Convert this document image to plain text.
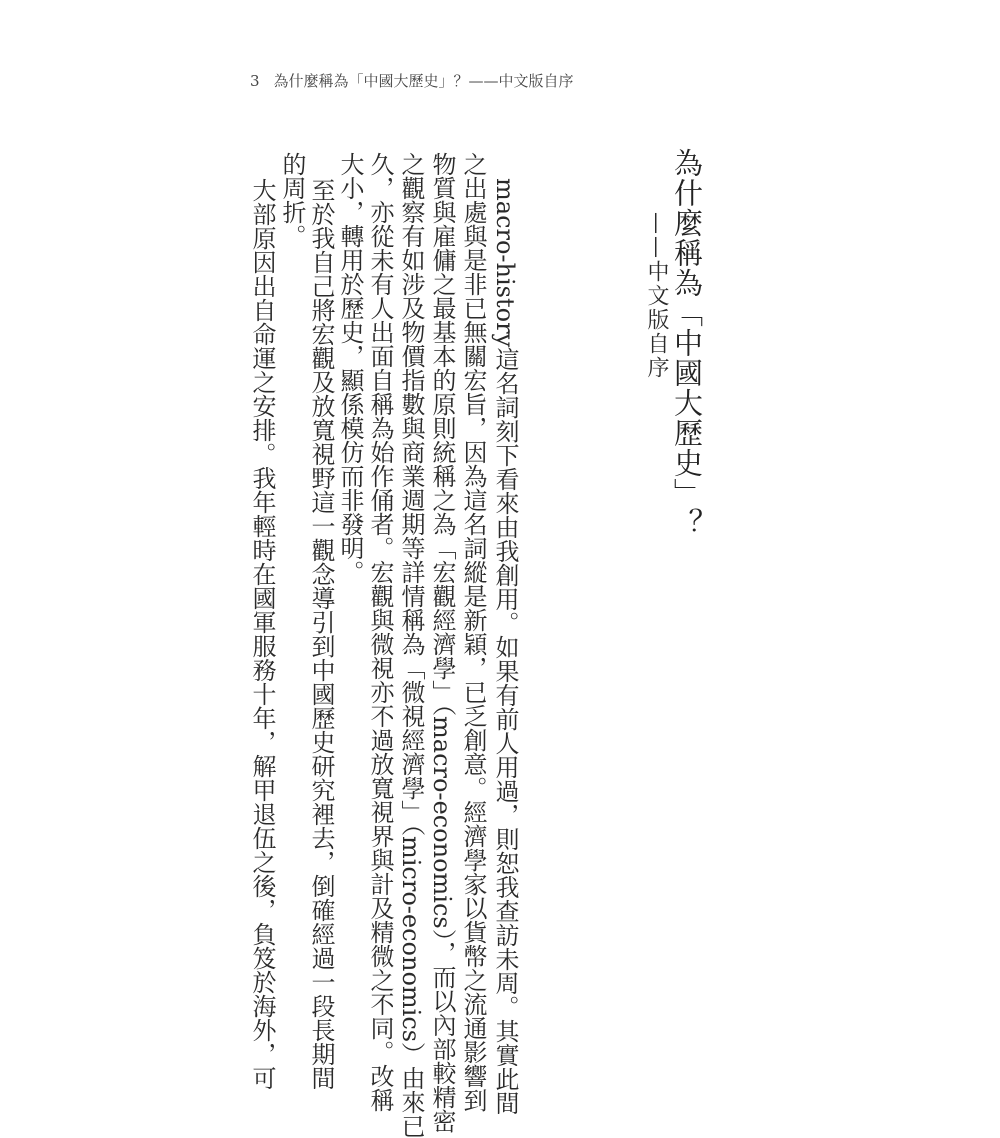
3 為什麼稱為「中國大歷史」？——中文版自序
為什麼稱為「中國大歷史」？
——中文版自序
macro-history這名詞刻下看來由我創用。如果有前人用過，則恕我查訪未周。其實此間
之出處與是非已無關宏旨，因為這名詞縱是新穎，已乏創意。經濟學家以貨幣之流通影響到
物質與雇傭之最基本的原則統稱之為「宏觀經濟學」（macro-economics），而以內部較精密
之觀察有如涉及物價指數與商業週期等詳情稱為「微視經濟學」（micro-economics）由來已
久，亦從未有人出面自稱為始作俑者。宏觀與微視亦不過放寬視界與計及精微之不同。改稱
大小，轉用於歷史，顯係模仿而非發明。
至於我自己將宏觀及放寬視野這一觀念導引到中國歷史研究裡去，倒確經過一段長期間
的周折。
大部原因出自命運之安排。我年輕時在國軍服務十年，解甲退伍之後，負笈於海外，可
